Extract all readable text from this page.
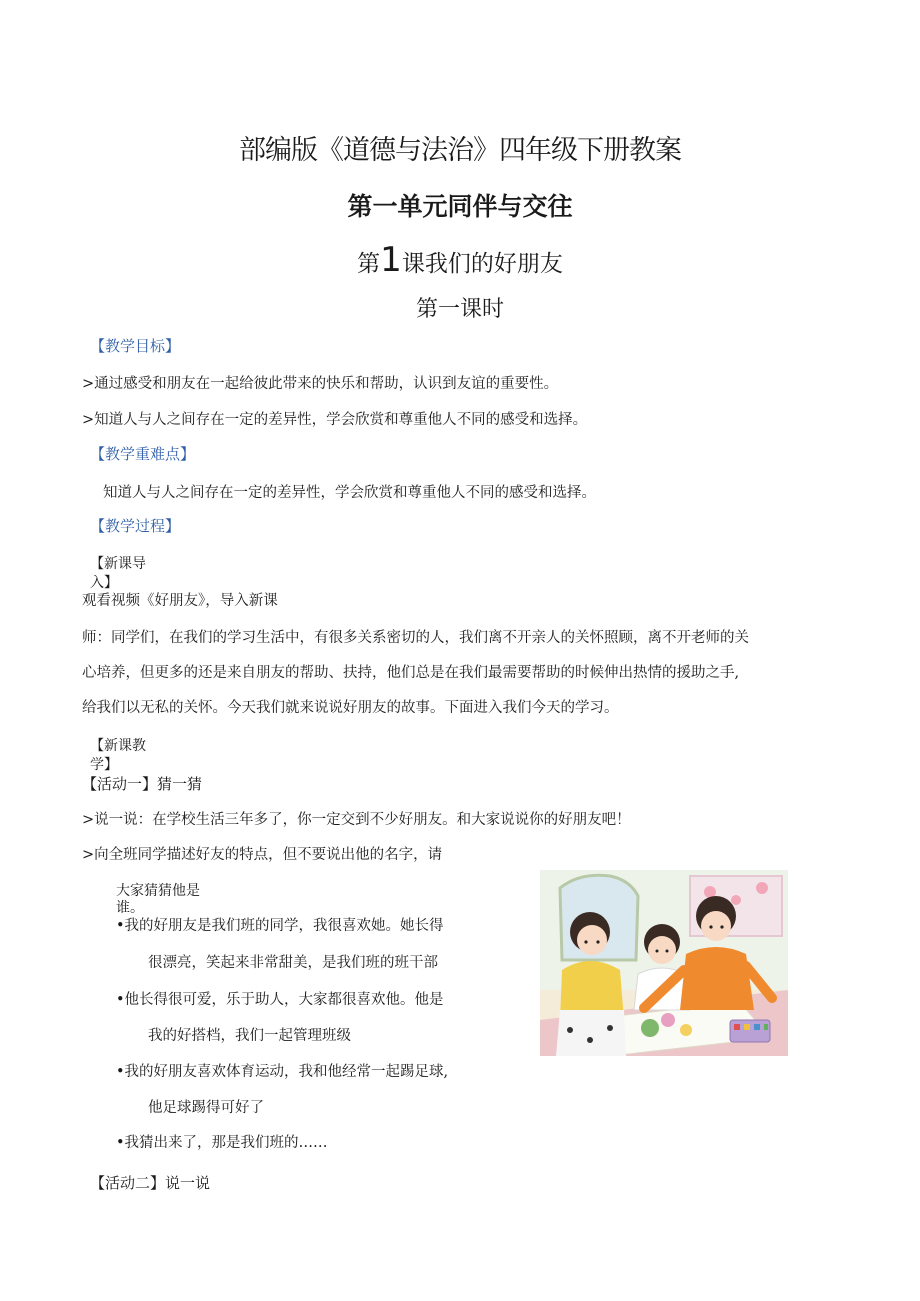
部编版《道德与法治》四年级下册教案
第一单元同伴与交往
第1课我们的好朋友
第一课时
【教学目标】
>通过感受和朋友在一起给彼此带来的快乐和帮助，认识到友谊的重要性。
>知道人与人之间存在一定的差异性，学会欣赏和尊重他人不同的感受和选择。
【教学重难点】
知道人与人之间存在一定的差异性，学会欣赏和尊重他人不同的感受和选择。
【教学过程】
【新课导
入】
观看视频《好朋友》，导入新课
师：同学们，在我们的学习生活中，有很多关系密切的人，我们离不开亲人的关怀照顾，离不开老师的关
心培养，但更多的还是来自朋友的帮助、扶持，他们总是在我们最需要帮助的时候伸出热情的援助之手,
给我们以无私的关怀。今天我们就来说说好朋友的故事。下面进入我们今天的学习。
【新课教
学】
【活动一】猜一猜
>说一说：在学校生活三年多了，你一定交到不少好朋友。和大家说说你的好朋友吧！
>向全班同学描述好友的特点，但不要说出他的名字，请
大家猜猜他是
谁。
•我的好朋友是我们班的同学，我很喜欢她。她长得
很漂亮，笑起来非常甜美，是我们班的班干部
•他长得很可爱，乐于助人，大家都很喜欢他。他是
我的好搭档，我们一起管理班级
•我的好朋友喜欢体育运动，我和他经常一起踢足球,
他足球踢得可好了
•我猜出来了，那是我们班的……
【活动二】说一说
